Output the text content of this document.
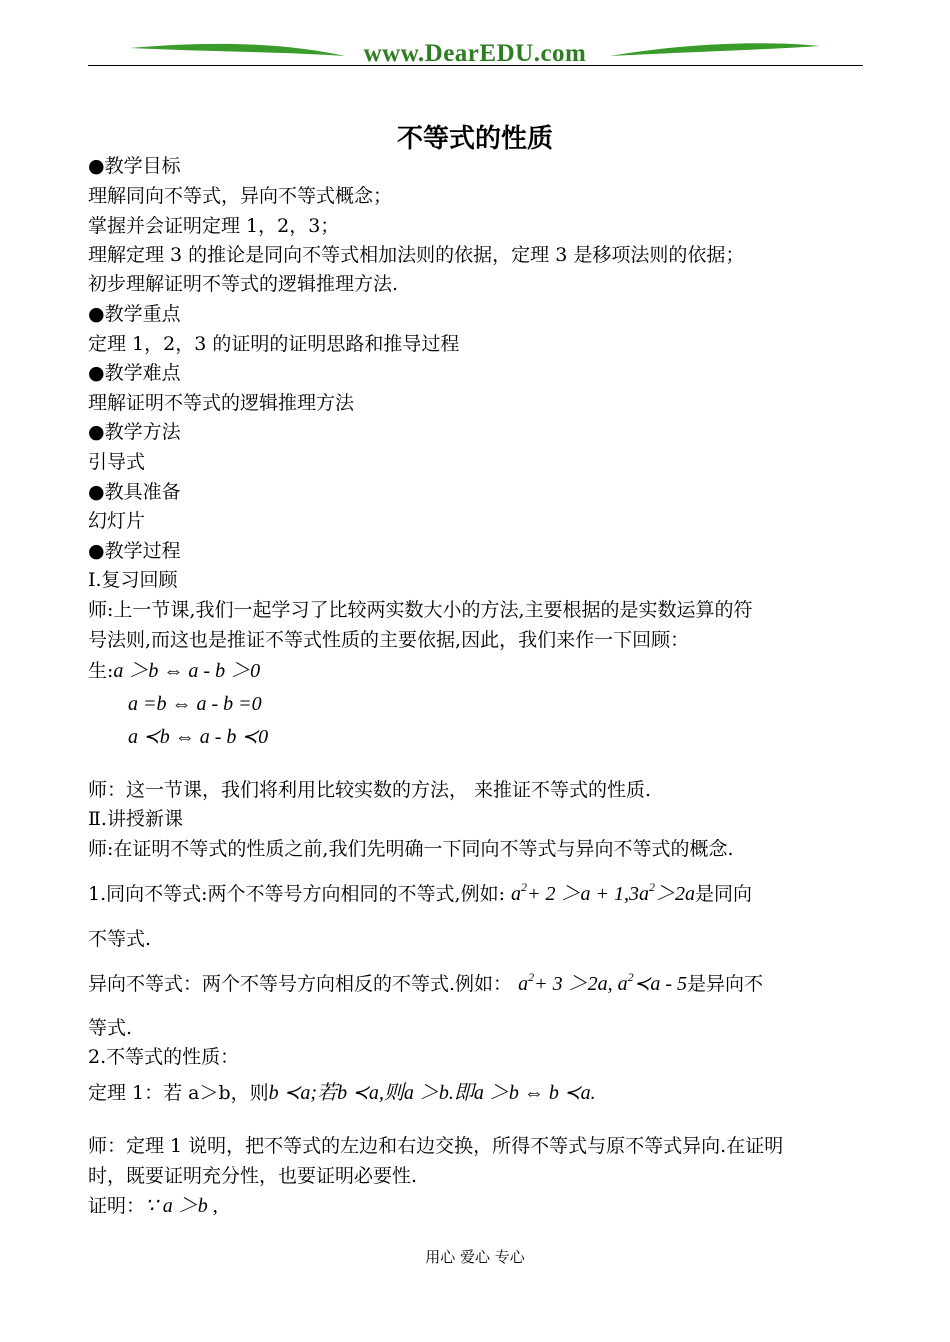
www.DearEDU.com
不等式的性质
●教学目标
理解同向不等式，异向不等式概念；
掌握并会证明定理 1，2，3；
理解定理 3 的推论是同向不等式相加法则的依据，定理 3 是移项法则的依据；
初步理解证明不等式的逻辑推理方法.
●教学重点
定理 1，2，3 的证明的证明思路和推导过程
●教学难点
理解证明不等式的逻辑推理方法
●教学方法
引导式
●教具准备
幻灯片
●教学过程
Ⅰ.复习回顾
师:上一节课,我们一起学习了比较两实数大小的方法,主要根据的是实数运算的符
号法则,而这也是推证不等式性质的主要依据,因此，我们来作一下回顾：
生:a ＞b ⇔ a - b ＞0
a =b ⇔ a - b =0
a ≺b ⇔ a - b ≺0
师：这一节课，我们将利用比较实数的方法， 来推证不等式的性质.
Ⅱ.讲授新课
师:在证明不等式的性质之前,我们先明确一下同向不等式与异向不等式的概念.
1.同向不等式:两个不等号方向相同的不等式,例如: $a^2+ 2 >a + 1,3a^2>2a$是同向
不等式.
异向不等式：两个不等号方向相反的不等式.例如： $a^2+ 3 >2a$, $a^2≺a - 5$是异向不
等式.
2.不等式的性质：
定理 1：若 a＞b，则b ≺a;若b ≺a,则a ＞b.即a ＞b ⇔ b ≺a.
师：定理 1 说明，把不等式的左边和右边交换，所得不等式与原不等式异向.在证明
时，既要证明充分性，也要证明必要性.
证明：∵ a ＞b ,
用心 爱心 专心
